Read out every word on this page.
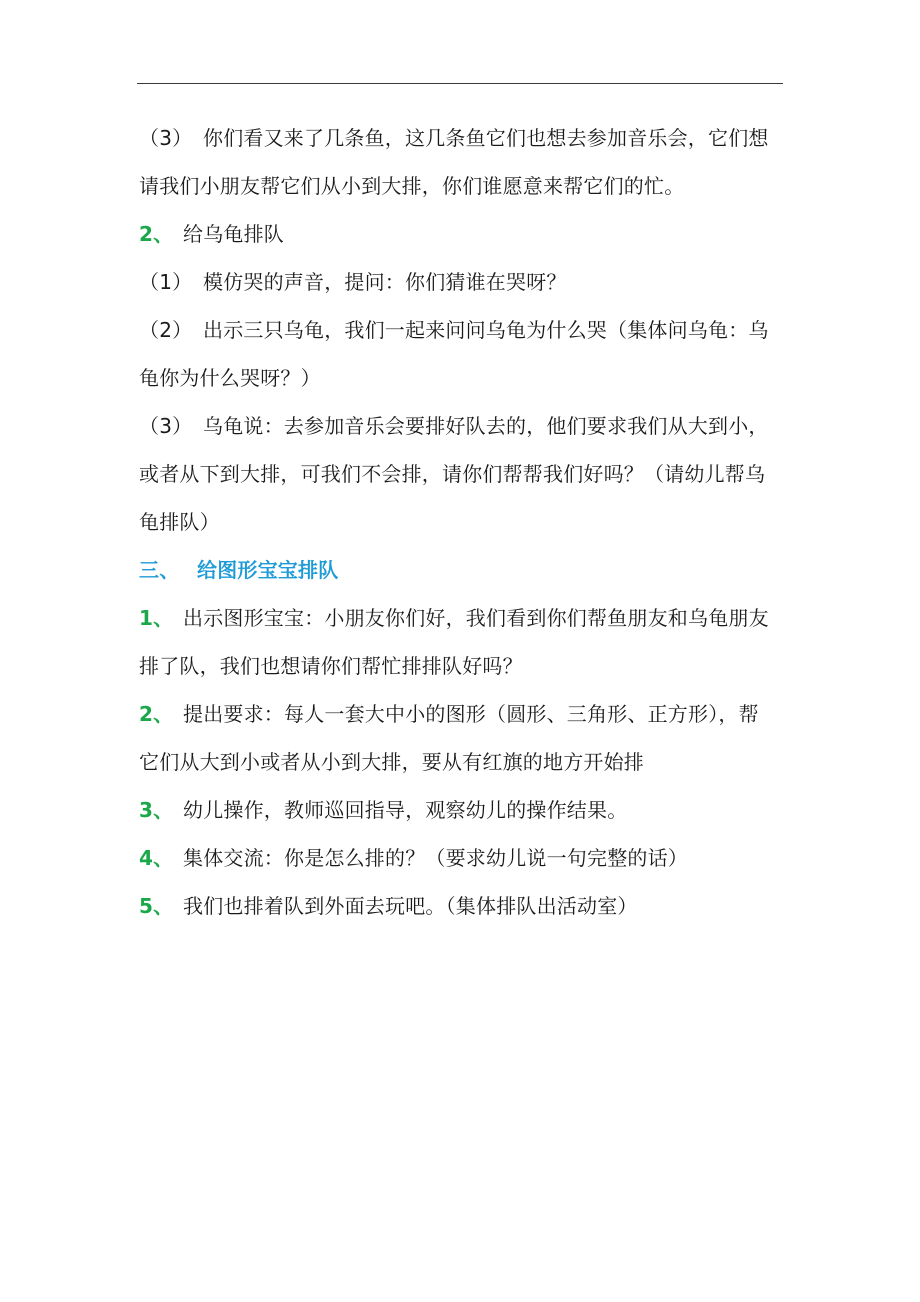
（3） 你们看又来了几条鱼，这几条鱼它们也想去参加音乐会，它们想

请我们小朋友帮它们从小到大排，你们谁愿意来帮它们的忙。

2、 给乌龟排队

（1） 模仿哭的声音，提问：你们猜谁在哭呀？

（2） 出示三只乌龟，我们一起来问问乌龟为什么哭（集体问乌龟：乌

龟你为什么哭呀？）

（3） 乌龟说：去参加音乐会要排好队去的，他们要求我们从大到小，

或者从下到大排，可我们不会排，请你们帮帮我们好吗？（请幼儿帮乌

龟排队）

三、 给图形宝宝排队

1、 出示图形宝宝：小朋友你们好，我们看到你们帮鱼朋友和乌龟朋友

排了队，我们也想请你们帮忙排排队好吗？

2、 提出要求：每人一套大中小的图形（圆形、三角形、正方形），帮

它们从大到小或者从小到大排，要从有红旗的地方开始排

3、 幼儿操作，教师巡回指导，观察幼儿的操作结果。

4、 集体交流：你是怎么排的？（要求幼儿说一句完整的话）

5、 我们也排着队到外面去玩吧。（集体排队出活动室）
